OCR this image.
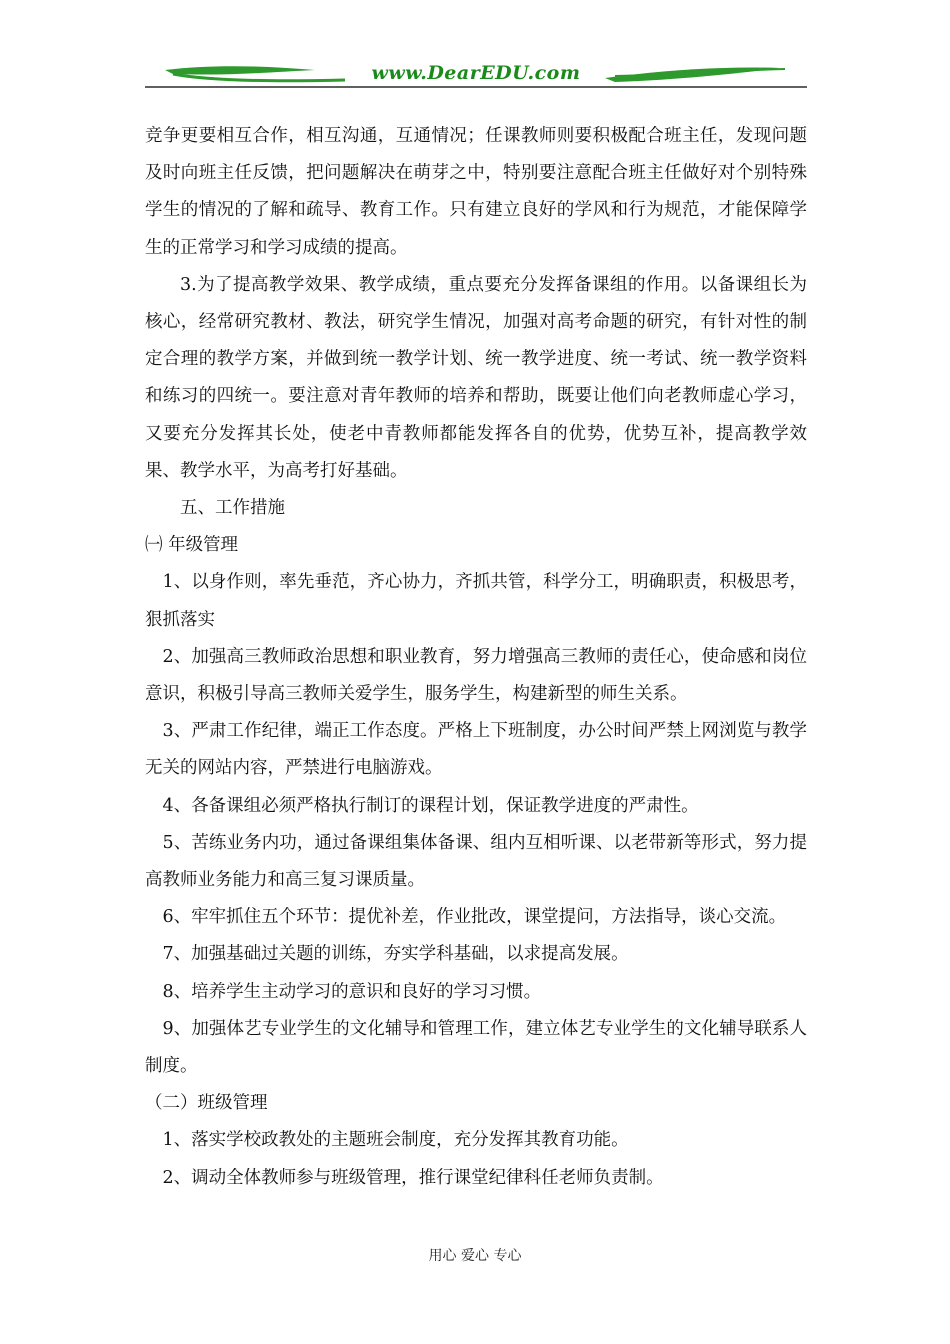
www.DearEDU.com

竞争更要相互合作，相互沟通，互通情况；任课教师则要积极配合班主任，发现问题及时向班主任反馈，把问题解决在萌芽之中，特别要注意配合班主任做好对个别特殊学生的情况的了解和疏导、教育工作。只有建立良好的学风和行为规范，才能保障学生的正常学习和学习成绩的提高。

3.为了提高教学效果、教学成绩，重点要充分发挥备课组的作用。以备课组长为核心，经常研究教材、教法，研究学生情况，加强对高考命题的研究，有针对性的制定合理的教学方案，并做到统一教学计划、统一教学进度、统一考试、统一教学资料和练习的四统一。要注意对青年教师的培养和帮助，既要让他们向老教师虚心学习，又要充分发挥其长处，使老中青教师都能发挥各自的优势，优势互补，提高教学效果、教学水平，为高考打好基础。

五、工作措施

㈠ 年级管理

1、以身作则，率先垂范，齐心协力，齐抓共管，科学分工，明确职责，积极思考，狠抓落实

2、加强高三教师政治思想和职业教育，努力增强高三教师的责任心，使命感和岗位意识，积极引导高三教师关爱学生，服务学生，构建新型的师生关系。

3、严肃工作纪律，端正工作态度。严格上下班制度，办公时间严禁上网浏览与教学无关的网站内容，严禁进行电脑游戏。

4、各备课组必须严格执行制订的课程计划，保证教学进度的严肃性。

5、苦练业务内功，通过备课组集体备课、组内互相听课、以老带新等形式，努力提高教师业务能力和高三复习课质量。

6、牢牢抓住五个环节：提优补差，作业批改，课堂提问，方法指导，谈心交流。

7、加强基础过关题的训练，夯实学科基础，以求提高发展。

8、培养学生主动学习的意识和良好的学习习惯。

9、加强体艺专业学生的文化辅导和管理工作，建立体艺专业学生的文化辅导联系人制度。

（二）班级管理

1、落实学校政教处的主题班会制度，充分发挥其教育功能。

2、调动全体教师参与班级管理，推行课堂纪律科任老师负责制。

用心 爱心 专心
